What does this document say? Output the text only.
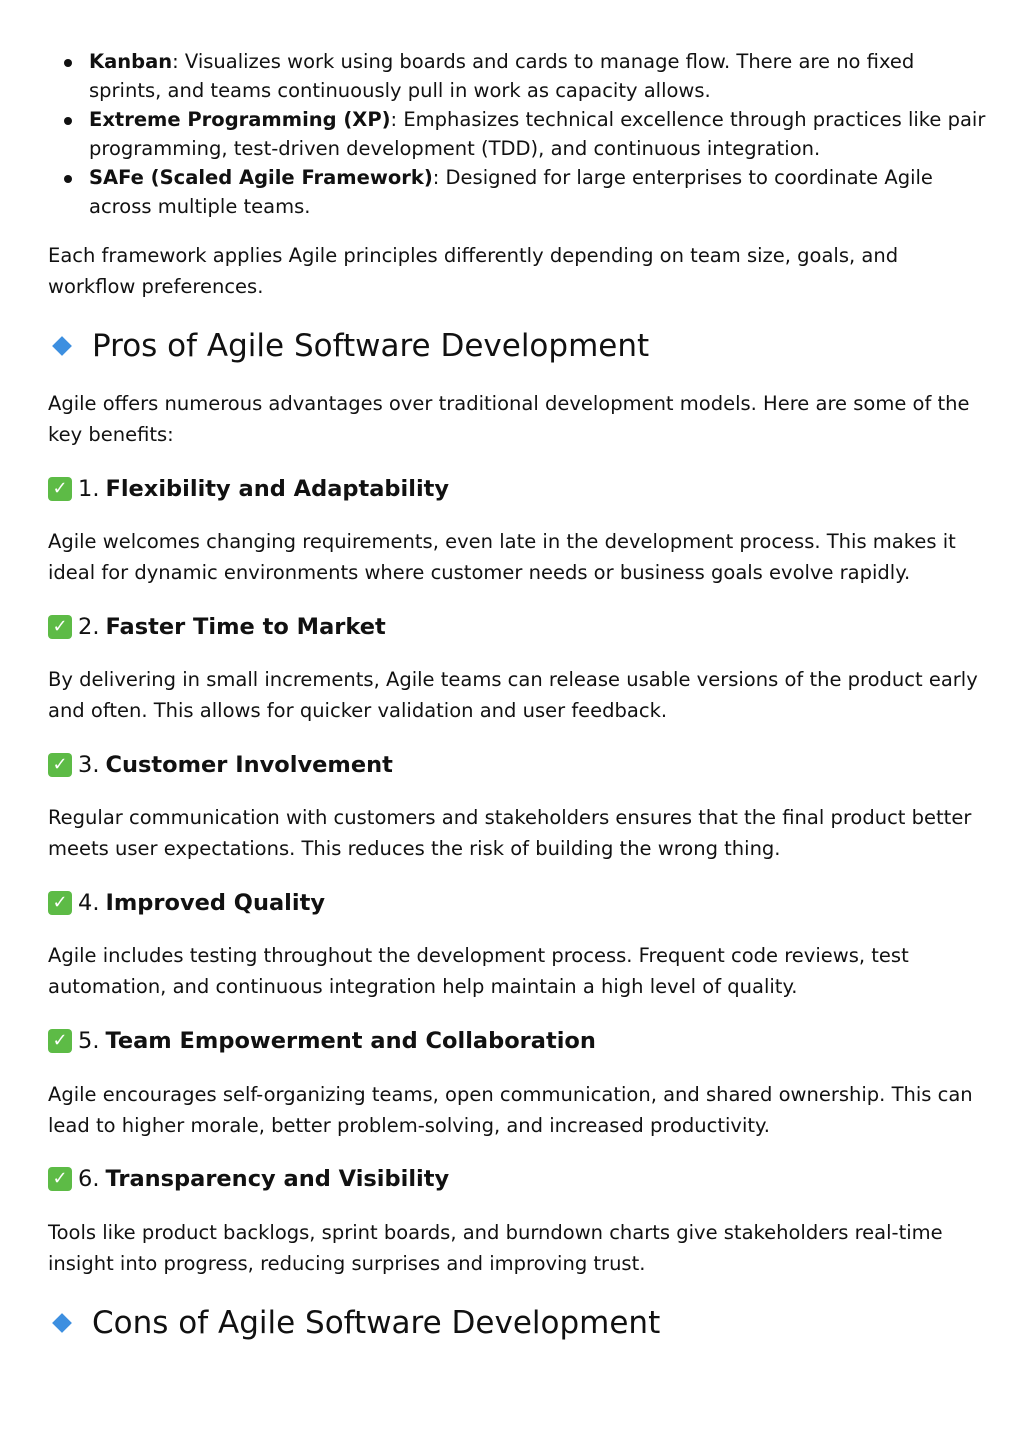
Kanban: Visualizes work using boards and cards to manage flow. There are no fixed sprints, and teams continuously pull in work as capacity allows.
Extreme Programming (XP): Emphasizes technical excellence through practices like pair programming, test-driven development (TDD), and continuous integration.
SAFe (Scaled Agile Framework): Designed for large enterprises to coordinate Agile across multiple teams.

Each framework applies Agile principles differently depending on team size, goals, and workflow preferences.

Pros of Agile Software Development

Agile offers numerous advantages over traditional development models. Here are some of the key benefits:

✓ 1. Flexibility and Adaptability

Agile welcomes changing requirements, even late in the development process. This makes it ideal for dynamic environments where customer needs or business goals evolve rapidly.

✓ 2. Faster Time to Market

By delivering in small increments, Agile teams can release usable versions of the product early and often. This allows for quicker validation and user feedback.

✓ 3. Customer Involvement

Regular communication with customers and stakeholders ensures that the final product better meets user expectations. This reduces the risk of building the wrong thing.

✓ 4. Improved Quality

Agile includes testing throughout the development process. Frequent code reviews, test automation, and continuous integration help maintain a high level of quality.

✓ 5. Team Empowerment and Collaboration

Agile encourages self-organizing teams, open communication, and shared ownership. This can lead to higher morale, better problem-solving, and increased productivity.

✓ 6. Transparency and Visibility

Tools like product backlogs, sprint boards, and burndown charts give stakeholders real-time insight into progress, reducing surprises and improving trust.

Cons of Agile Software Development
